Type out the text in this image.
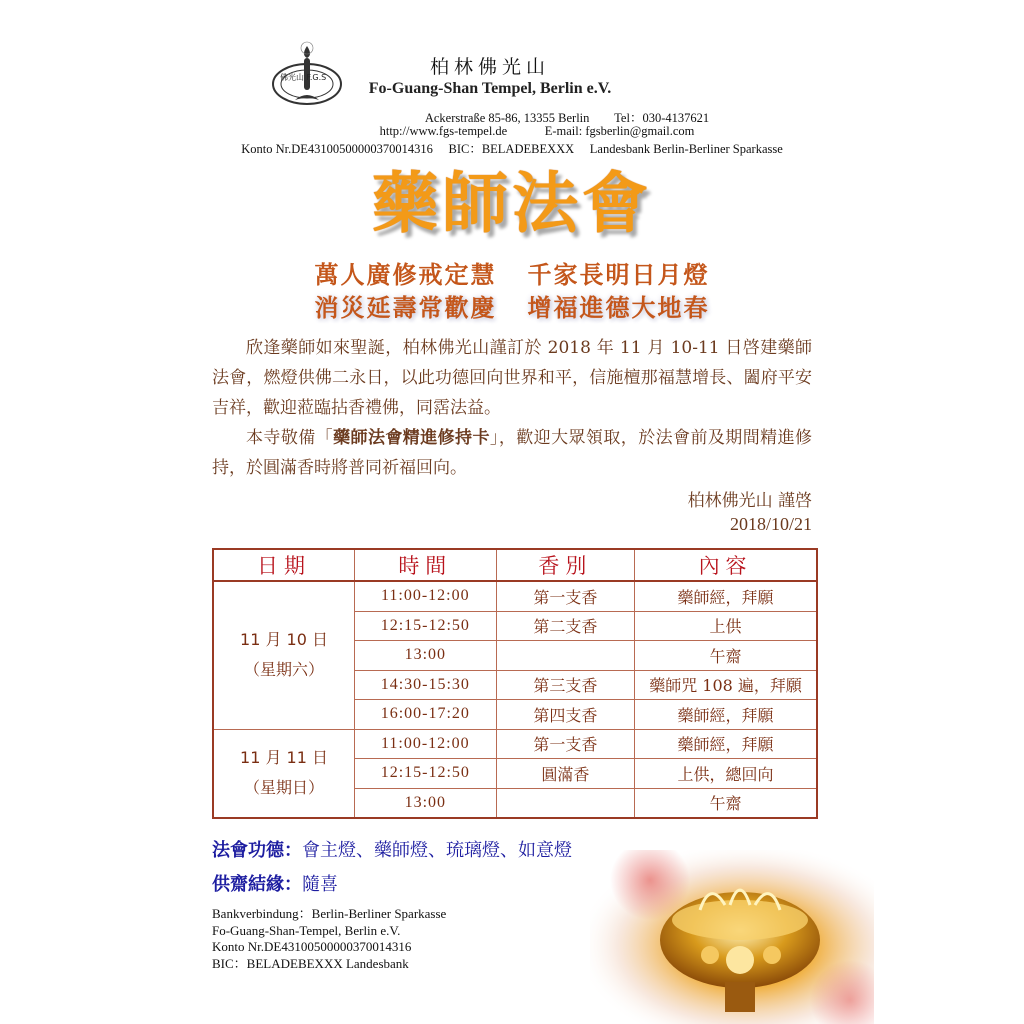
佛光山 F.G.S	柏林佛光山
Fo-Guang-Shan Tempel, Berlin e.V.
Ackerstraße 85-86, 13355 Berlin        Tel：030-4137621
http://www.fgs-tempel.de            E-mail: fgsberlin@gmail.com
Konto Nr.DE43100500000370014316     BIC：BELADEBEXXX     Landesbank Berlin-Berliner Sparkasse
藥師法會
萬人廣修戒定慧   千家長明日月燈
消災延壽常歡慶   增福進德大地春
欣逢藥師如來聖誕，柏林佛光山謹訂於 2018 年 11 月 10-11 日啓建藥師法會，燃燈供佛二永日，以此功德回向世界和平，信施檀那福慧增長、闔府平安吉祥，歡迎蒞臨拈香禮佛，同霑法益。
本寺敬備「藥師法會精進修持卡」，歡迎大眾領取，於法會前及期間精進修持，於圓滿香時將普同祈福回向。
柏林佛光山 謹啓
2018/10/21
日期	時間	香別	內容

11 月 10 日
（星期六）	11:00-12:00	第一支香	藥師經，拜願
	12:15-12:50	第二支香	上供
	13:00		午齋
	14:30-15:30	第三支香	藥師咒 108 遍，拜願
	16:00-17:20	第四支香	藥師經，拜願

11 月 11 日
（星期日）	11:00-12:00	第一支香	藥師經，拜願
	12:15-12:50	圓滿香	上供，總回向
	13:00		午齋
法會功德：會主燈、藥師燈、琉璃燈、如意燈
供齋結緣：隨喜
Bankverbindung：Berlin-Berliner Sparkasse
Fo-Guang-Shan-Tempel, Berlin e.V.
Konto Nr.DE43100500000370014316
BIC：BELADEBEXXX Landesbank
